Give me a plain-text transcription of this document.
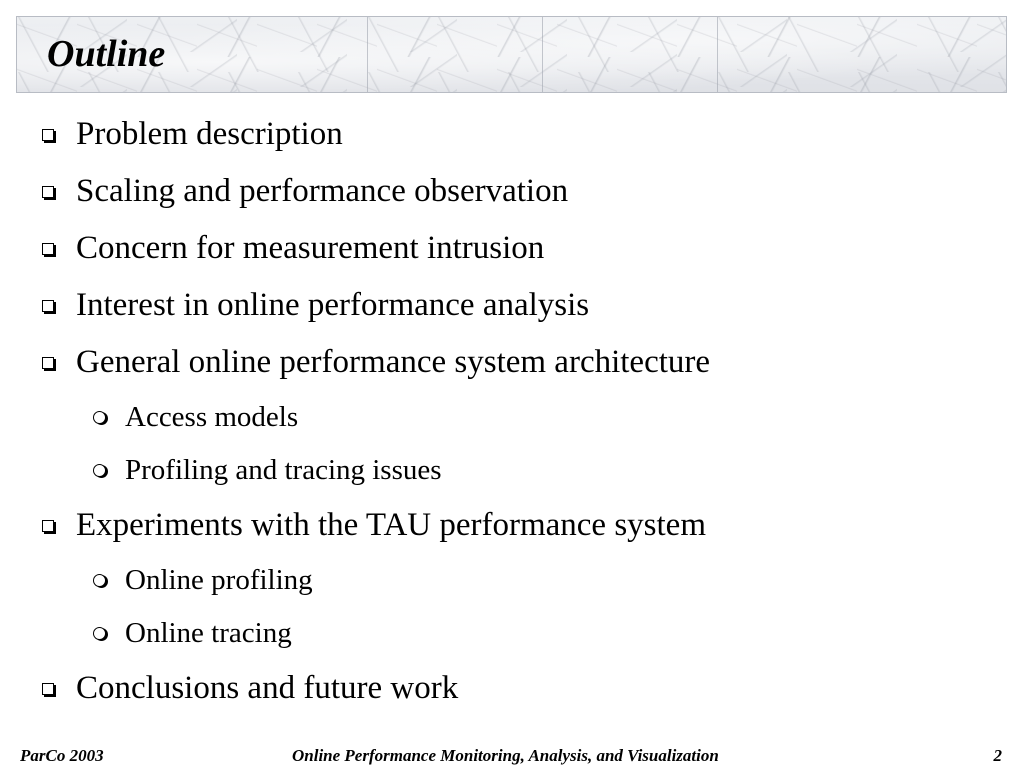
Outline
Problem description
Scaling and performance observation
Concern for measurement intrusion
Interest in online performance analysis
General online performance system architecture
Access models
Profiling and tracing issues
Experiments with the TAU performance system
Online profiling
Online tracing
Conclusions and future work
ParCo 2003	Online Performance Monitoring, Analysis, and Visualization	2
